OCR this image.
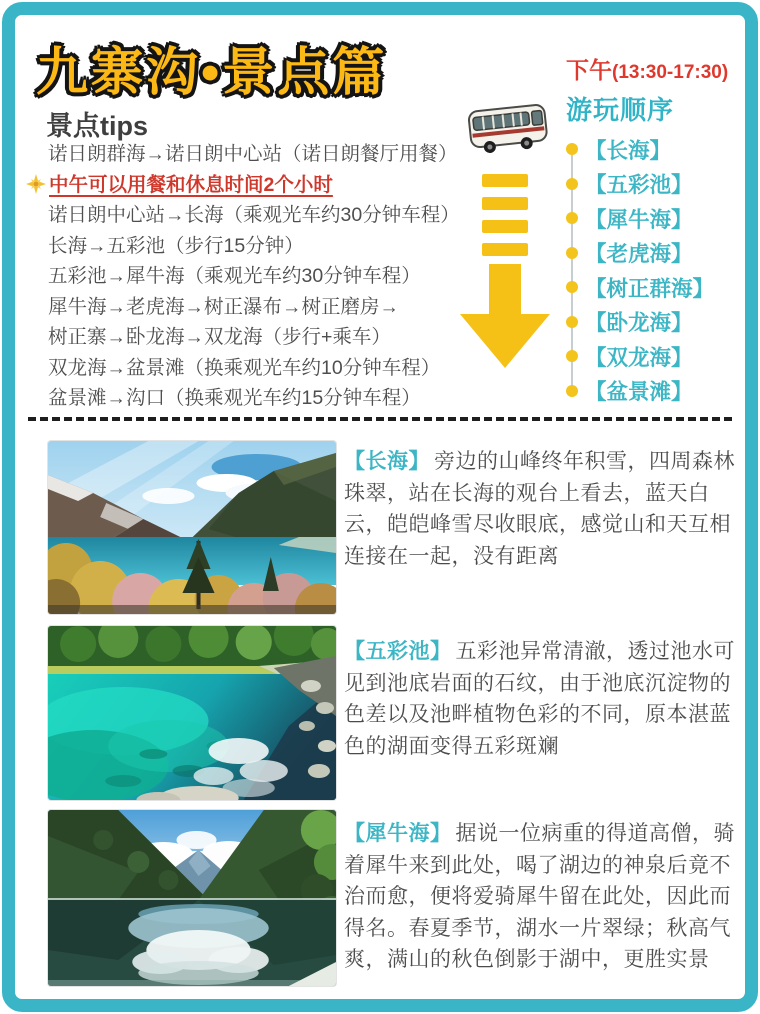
九寨沟•景点篇	下午(13:30-17:30)
游玩顺序
景点tips
诺日朗群海→诺日朗中心站（诺日朗餐厅用餐）
中午可以用餐和休息时间2个小时
诺日朗中心站→长海（乘观光车约30分钟车程）
长海→五彩池（步行15分钟）
五彩池→犀牛海（乘观光车约30分钟车程）
犀牛海→老虎海→树正瀑布→树正磨房→
树正寨→卧龙海→双龙海（步行+乘车）
双龙海→盆景滩（换乘观光车约10分钟车程）
盆景滩→沟口（换乘观光车约15分钟车程）
【长海】
【五彩池】
【犀牛海】
【老虎海】
【树正群海】
【卧龙海】
【双龙海】
【盆景滩】

【长海】 旁边的山峰终年积雪，四周森林珠翠，站在长海的观台上看去，蓝天白云，皑皑峰雪尽收眼底，感觉山和天互相连接在一起，没有距离

【五彩池】 五彩池异常清澈，透过池水可见到池底岩面的石纹，由于池底沉淀物的色差以及池畔植物色彩的不同，原本湛蓝色的湖面变得五彩斑斓

【犀牛海】 据说一位病重的得道高僧，骑着犀牛来到此处，喝了湖边的神泉后竟不治而愈，便将爱骑犀牛留在此处，因此而得名。春夏季节，湖水一片翠绿；秋高气爽，满山的秋色倒影于湖中，更胜实景
